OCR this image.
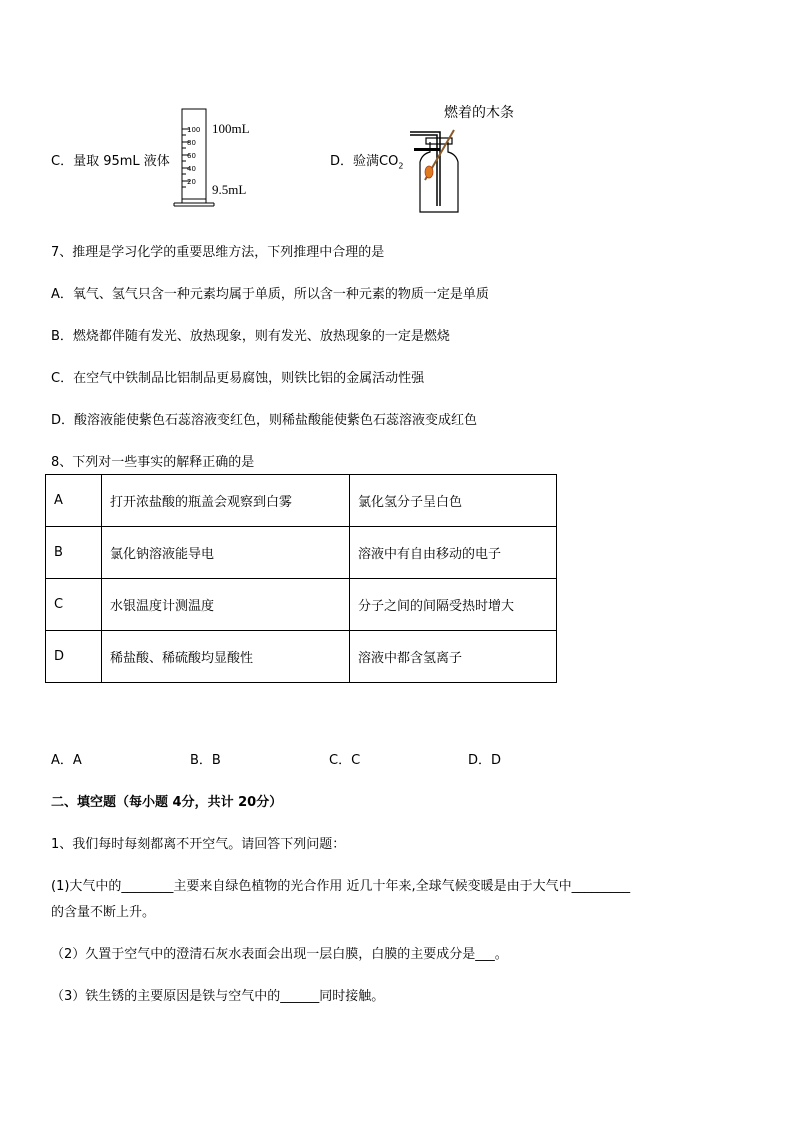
C．量取 95mL 液体
100mL
9.5mL
100
80
60
40
20
D．验满$CO_2$
燃着的木条
7、推理是学习化学的重要思维方法，下列推理中合理的是
A．氧气、氢气只含一种元素均属于单质，所以含一种元素的物质一定是单质
B．燃烧都伴随有发光、放热现象，则有发光、放热现象的一定是燃烧
C．在空气中铁制品比铝制品更易腐蚀，则铁比铝的金属活动性强
D．酸溶液能使紫色石蕊溶液变红色，则稀盐酸能使紫色石蕊溶液变成红色
8、下列对一些事实的解释正确的是
A	打开浓盐酸的瓶盖会观察到白雾	氯化氢分子呈白色
B	氯化钠溶液能导电	溶液中有自由移动的电子
C	水银温度计测温度	分子之间的间隔受热时增大
D	稀盐酸、稀硫酸均显酸性	溶液中都含氢离子
A．A	B．B	C．C	D．D
二、填空题（每小题 4分，共计 20分）
1、我们每时每刻都离不开空气。请回答下列问题：
(1)大气中的________主要来自绿色植物的光合作用 近几十年来,全球气候变暖是由于大气中_________
的含量不断上升。
（2）久置于空气中的澄清石灰水表面会出现一层白膜，白膜的主要成分是___。
（3）铁生锈的主要原因是铁与空气中的______同时接触。
